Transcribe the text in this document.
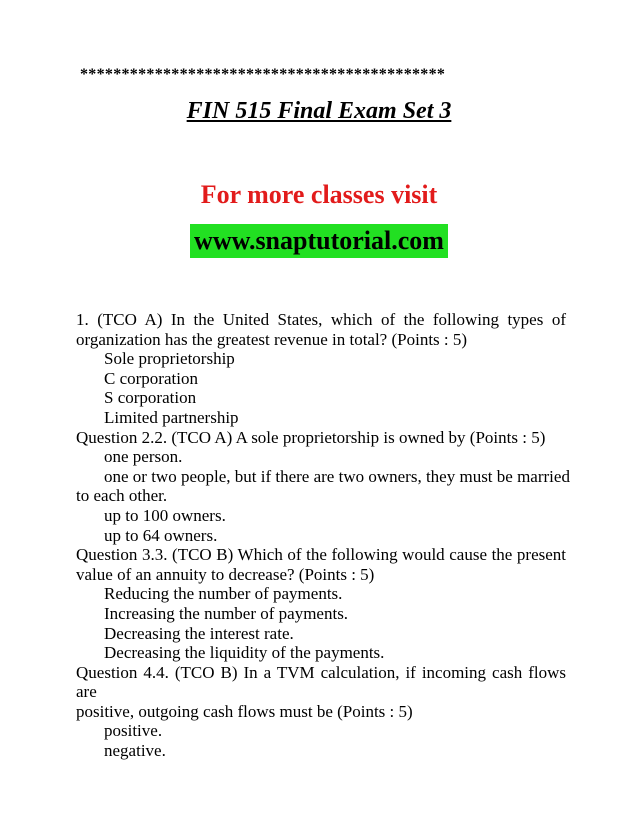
********************************************
FIN 515 Final Exam Set 3
For more classes visit
www.snaptutorial.com
1. (TCO A) In the United States, which of the following types of
organization has the greatest revenue in total? (Points : 5)
Sole proprietorship
C corporation
S corporation
Limited partnership
Question 2.2. (TCO A) A sole proprietorship is owned by (Points : 5)
one person.
one or two people, but if there are two owners, they must be married
to each other.
up to 100 owners.
up to 64 owners.
Question 3.3. (TCO B) Which of the following would cause the present
value of an annuity to decrease? (Points : 5)
Reducing the number of payments.
Increasing the number of payments.
Decreasing the interest rate.
Decreasing the liquidity of the payments.
Question 4.4. (TCO B) In a TVM calculation, if incoming cash flows are
positive, outgoing cash flows must be (Points : 5)
positive.
negative.
